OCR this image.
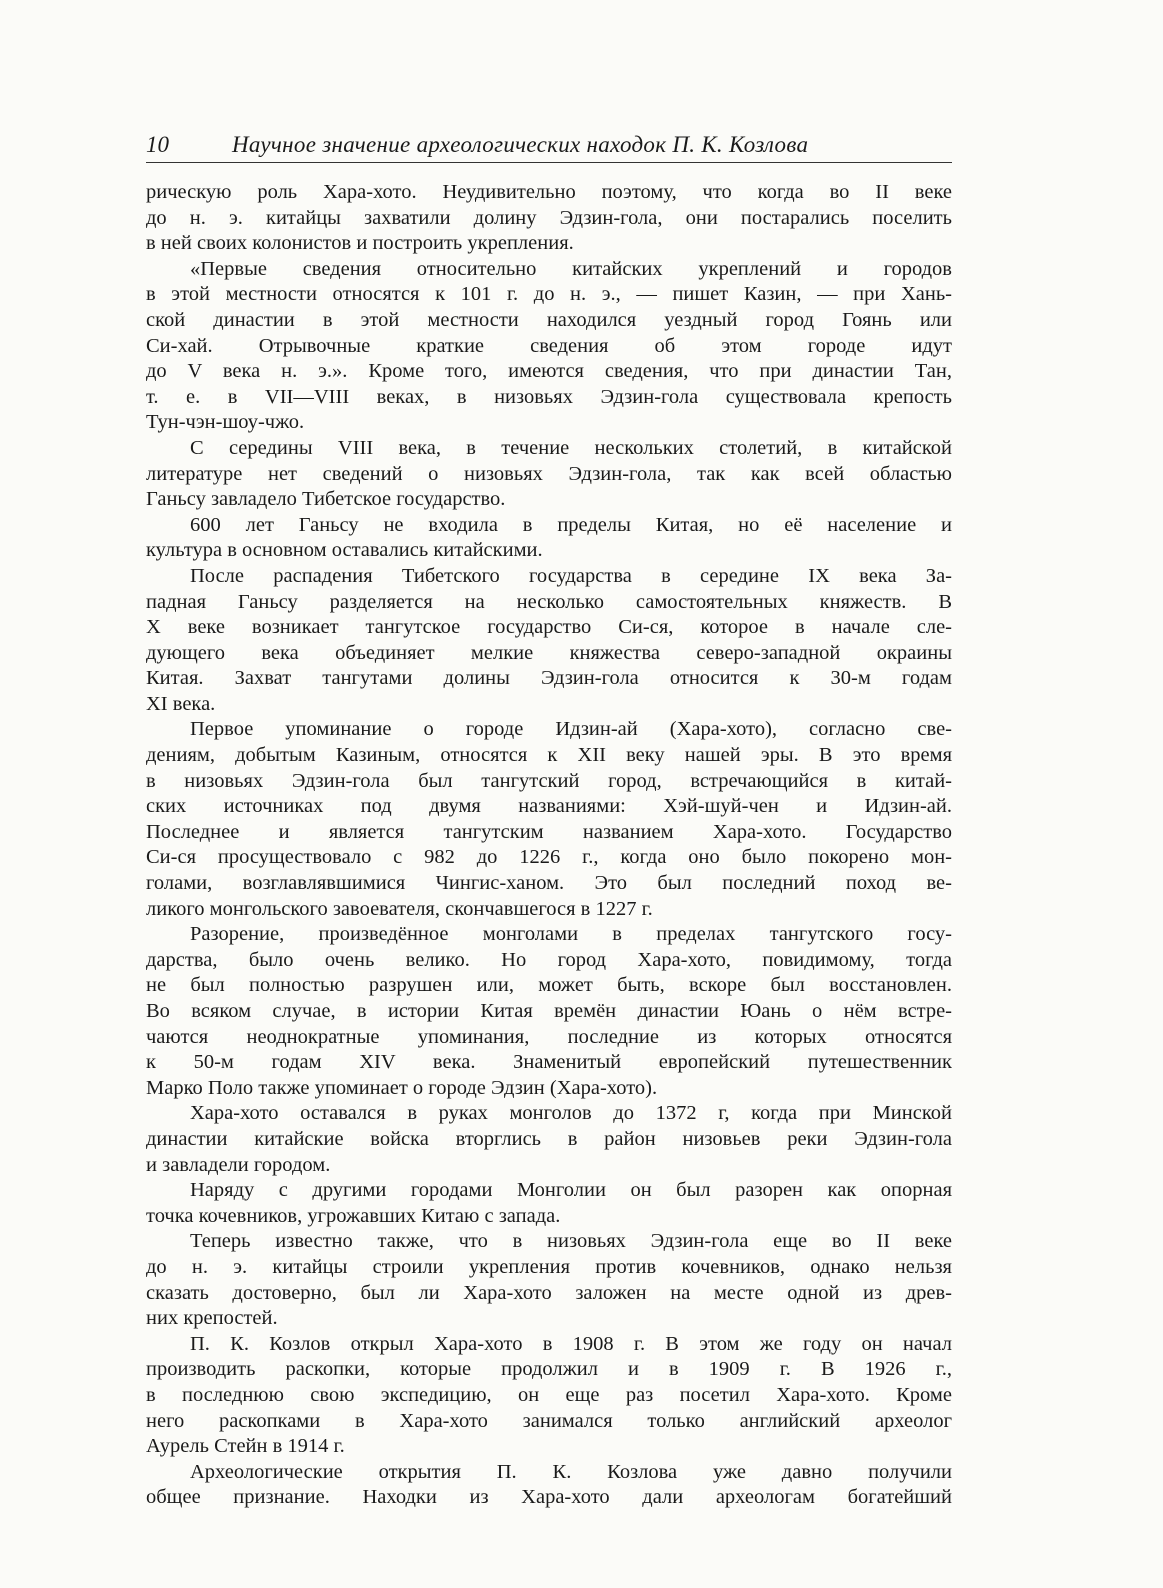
10	Научное значение археологических находок П. К. Козлова
рическую роль Хара-хото. Неудивительно поэтому, что когда во II веке
до н. э. китайцы захватили долину Эдзин-гола, они постарались поселить
в ней своих колонистов и построить укрепления.
«Первые сведения относительно китайских укреплений и городов
в этой местности относятся к 101 г. до н. э., — пишет Казин, — при Хань-
ской династии в этой местности находился уездный город Гоянь или
Си-хай. Отрывочные краткие сведения об этом городе идут
до V века н. э.». Кроме того, имеются сведения, что при династии Тан,
т. е. в VII—VIII веках, в низовьях Эдзин-гола существовала крепость
Тун-чэн-шоу-чжо.
С середины VIII века, в течение нескольких столетий, в китайской
литературе нет сведений о низовьях Эдзин-гола, так как всей областью
Ганьсу завладело Тибетское государство.
600 лет Ганьсу не входила в пределы Китая, но её население и
культура в основном оставались китайскими.
После распадения Тибетского государства в середине IX века За-
падная Ганьсу разделяется на несколько самостоятельных княжеств. В
X веке возникает тангутское государство Си-ся, которое в начале сле-
дующего века объединяет мелкие княжества северо-западной окраины
Китая. Захват тангутами долины Эдзин-гола относится к 30-м годам
XI века.
Первое упоминание о городе Идзин-ай (Хара-хото), согласно све-
дениям, добытым Казиным, относятся к XII веку нашей эры. В это время
в низовьях Эдзин-гола был тангутский город, встречающийся в китай-
ских источниках под двумя названиями: Хэй-шуй-чен и Идзин-ай.
Последнее и является тангутским названием Хара-хото. Государство
Си-ся просуществовало с 982 до 1226 г., когда оно было покорено мон-
голами, возглавлявшимися Чингис-ханом. Это был последний поход ве-
ликого монгольского завоевателя, скончавшегося в 1227 г.
Разорение, произведённое монголами в пределах тангутского госу-
дарства, было очень велико. Но город Хара-хото, повидимому, тогда
не был полностью разрушен или, может быть, вскоре был восстановлен.
Во всяком случае, в истории Китая времён династии Юань о нём встре-
чаются неоднократные упоминания, последние из которых относятся
к 50-м годам XIV века. Знаменитый европейский путешественник
Марко Поло также упоминает о городе Эдзин (Хара-хото).
Хара-хото оставался в руках монголов до 1372 г, когда при Минской
династии китайские войска вторглись в район низовьев реки Эдзин-гола
и завладели городом.
Наряду с другими городами Монголии он был разорен как опорная
точка кочевников, угрожавших Китаю с запада.
Теперь известно также, что в низовьях Эдзин-гола еще во II веке
до н. э. китайцы строили укрепления против кочевников, однако нельзя
сказать достоверно, был ли Хара-хото заложен на месте одной из древ-
них крепостей.
П. К. Козлов открыл Хара-хото в 1908 г. В этом же году он начал
производить раскопки, которые продолжил и в 1909 г. В 1926 г.,
в последнюю свою экспедицию, он еще раз посетил Хара-хото. Кроме
него раскопками в Хара-хото занимался только английский археолог
Аурель Стейн в 1914 г.
Археологические открытия П. К. Козлова уже давно получили
общее признание. Находки из Хара-хото дали археологам богатейший
